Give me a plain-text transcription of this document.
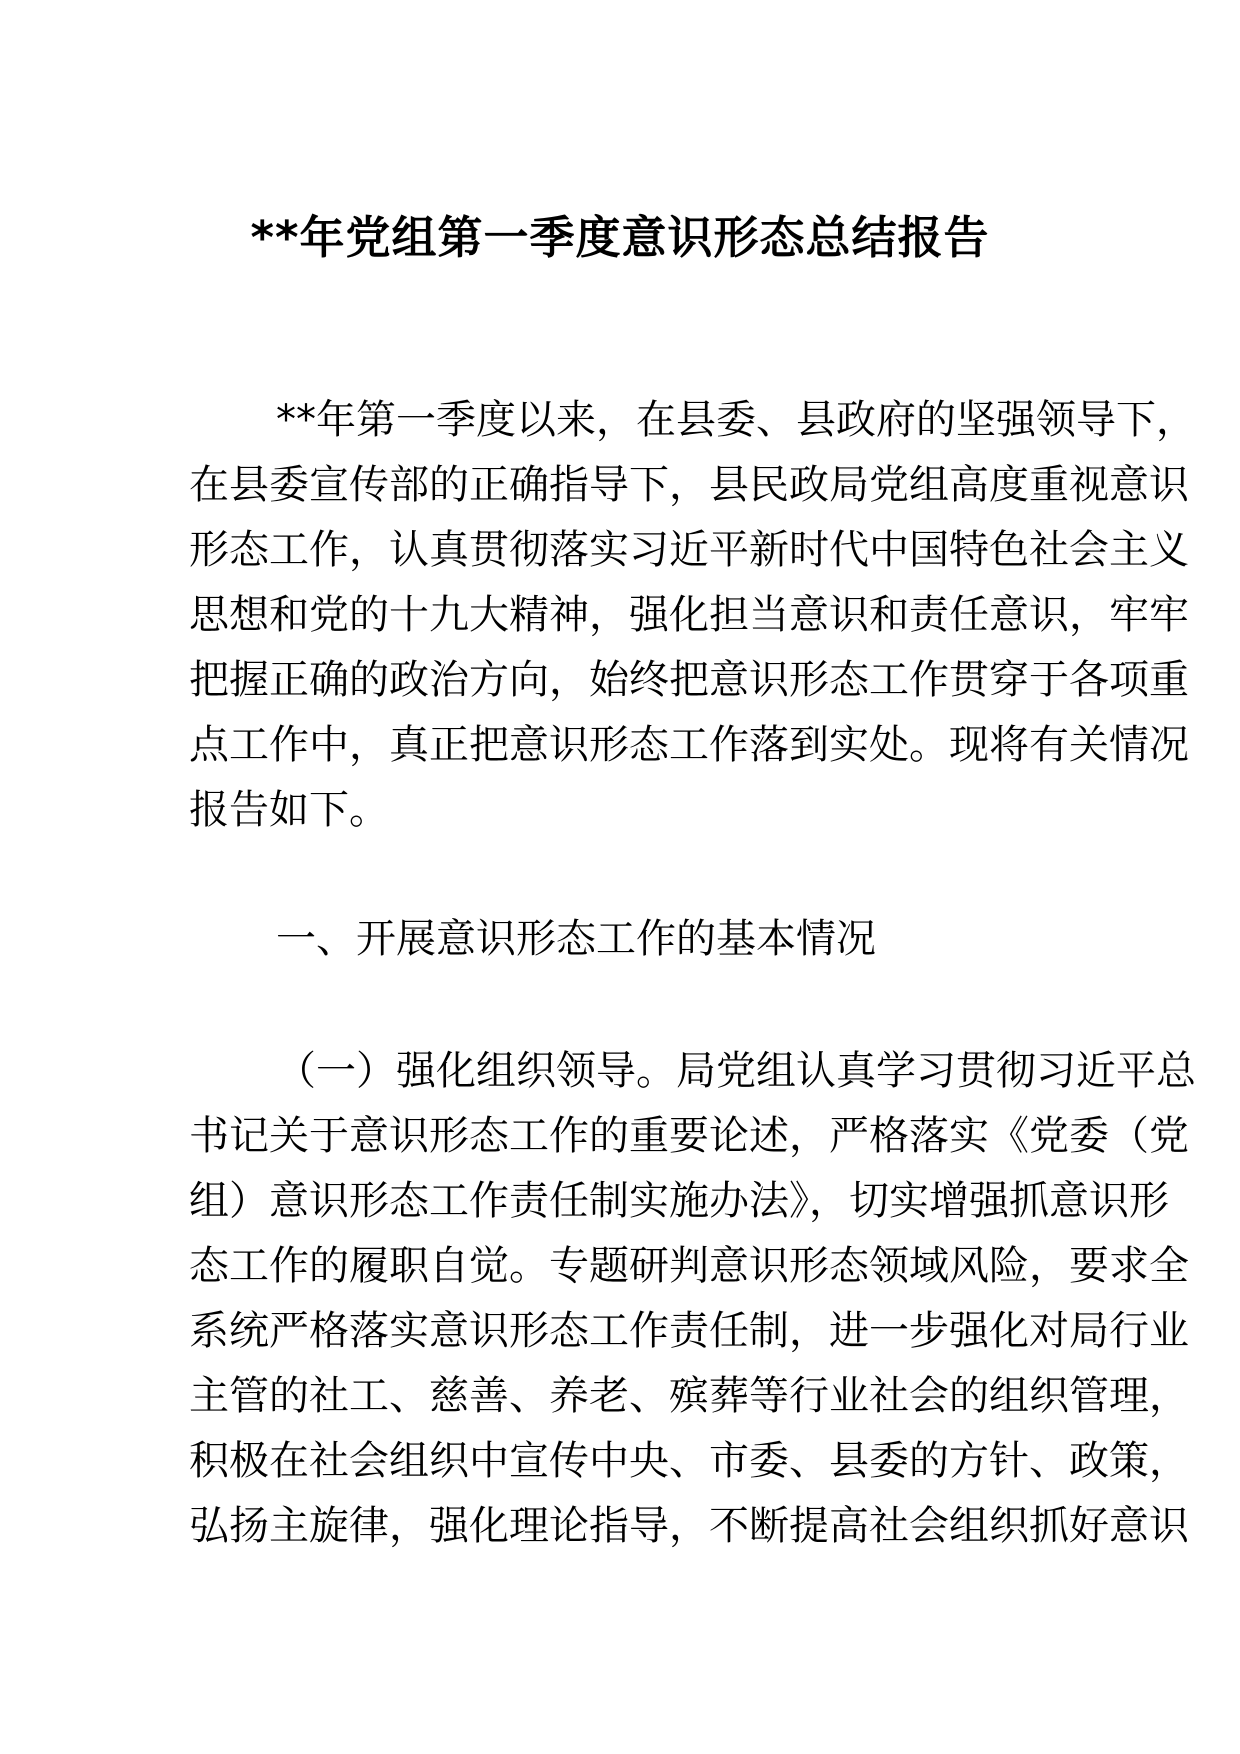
**年党组第一季度意识形态总结报告
**年第一季度以来，在县委、县政府的坚强领导下，
在县委宣传部的正确指导下，县民政局党组高度重视意识
形态工作，认真贯彻落实习近平新时代中国特色社会主义
思想和党的十九大精神，强化担当意识和责任意识，牢牢
把握正确的政治方向，始终把意识形态工作贯穿于各项重
点工作中，真正把意识形态工作落到实处。现将有关情况
报告如下。
一、开展意识形态工作的基本情况
（一）强化组织领导。局党组认真学习贯彻习近平总
书记关于意识形态工作的重要论述，严格落实《党委（党
组）意识形态工作责任制实施办法》，切实增强抓意识形
态工作的履职自觉。专题研判意识形态领域风险，要求全
系统严格落实意识形态工作责任制，进一步强化对局行业
主管的社工、慈善、养老、殡葬等行业社会的组织管理，
积极在社会组织中宣传中央、市委、县委的方针、政策，
弘扬主旋律，强化理论指导，不断提高社会组织抓好意识
